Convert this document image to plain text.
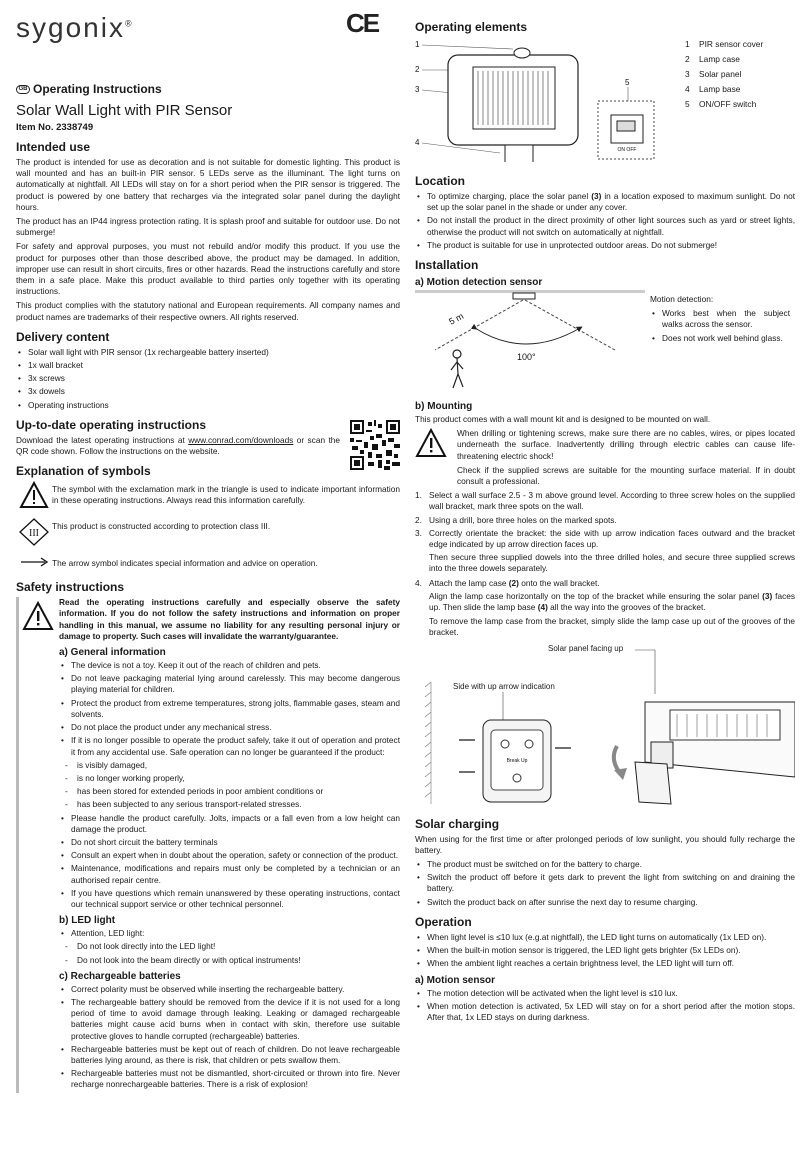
CE
sygonix®
GB Operating Instructions
Solar Wall Light with PIR Sensor
Item No. 2338749
Intended use

The product is intended for use as decoration and is not suitable for domestic lighting. This product is wall mounted and has an built-in PIR sensor. 5 LEDs serve as the illuminant. The light turns on automatically at nightfall. All LEDs will stay on for a short period when the PIR sensor is triggered. The product is powered by one battery that recharges via the integrated solar panel during the daylight hours.

The product has an IP44 ingress protection rating. It is splash proof and suitable for outdoor use. Do not submerge!

For safety and approval purposes, you must not rebuild and/or modify this product. If you use the product for purposes other than those described above, the product may be damaged. In addition, improper use can result in short circuits, fires or other hazards. Read the instructions carefully and store them in a safe place. Make this product available to third parties only together with its operating instructions.

This product complies with the statutory national and European requirements. All company names and product names are trademarks of their respective owners. All rights reserved.

Delivery content
• Solar wall light with PIR sensor (1x rechargeable battery inserted)
• 1x wall bracket
• 3x screws
• 3x dowels
• Operating instructions
Up-to-date operating instructions

Download the latest operating instructions at www.conrad.com/downloads or scan the QR code shown. Follow the instructions on the website.

Explanation of symbols

The symbol with the exclamation mark in the triangle is used to indicate important information in these operating instructions. Always read this information carefully.

III

This product is constructed according to protection class III.

The arrow symbol indicates special information and advice on operation.

Safety instructions

Read the operating instructions carefully and especially observe the safety information. If you do not follow the safety instructions and information on proper handling in this manual, we assume no liability for any resulting personal injury or damage to property. Such cases will invalidate the warranty/guarantee.

a) General information
• The device is not a toy. Keep it out of the reach of children and pets.
• Do not leave packaging material lying around carelessly. This may become dangerous playing material for children.
• Protect the product from extreme temperatures, strong jolts, flammable gases, steam and solvents.
• Do not place the product under any mechanical stress.
• If it is no longer possible to operate the product safely, take it out of operation and protect it from any accidental use. Safe operation can no longer be guaranteed if the product:
- is visibly damaged,
- is no longer working properly,
- has been stored for extended periods in poor ambient conditions or
- has been subjected to any serious transport-related stresses.
• Please handle the product carefully. Jolts, impacts or a fall even from a low height can damage the product.
• Do not short circuit the battery terminals
• Consult an expert when in doubt about the operation, safety or connection of the product.
• Maintenance, modifications and repairs must only be completed by a technician or an authorised repair centre.
• If you have questions which remain unanswered by these operating instructions, contact our technical support service or other technical personnel.
b) LED light
• Attention, LED light:
- Do not look directly into the LED light!
- Do not look into the beam directly or with optical instruments!
c) Rechargeable batteries
• Correct polarity must be observed while inserting the rechargeable battery.
• The rechargeable battery should be removed from the device if it is not used for a long period of time to avoid damage through leaking. Leaking or damaged rechargeable batteries might cause acid burns when in contact with skin, therefore use suitable protective gloves to handle corrupted (rechargeable) batteries.
• Rechargeable batteries must be kept out of reach of children. Do not leave rechargeable batteries lying around, as there is risk, that children or pets swallow them.
• Rechargeable batteries must not be dismantled, short-circuited or thrown into fire. Never recharge nonrechargeable batteries. There is a risk of explosion!
Operating elements
1
2
3
4
5
ON OFF
1 PIR sensor cover
2 Lamp case
3 Solar panel
4 Lamp base
5 ON/OFF switch
Location
• To optimize charging, place the solar panel (3) in a location exposed to maximum sunlight. Do not set up the solar panel in the shade or under any cover.
• Do not install the product in the direct proximity of other light sources such as yard or street lights, otherwise the product will not switch on automatically at nightfall.
• The product is suitable for use in unprotected outdoor areas. Do not submerge!
Installation
a) Motion detection sensor
5 m
100°

Motion detection:

• Works best when the subject walks across the sensor.
• Does not work well behind glass.
b) Mounting

This product comes with a wall mount kit and is designed to be mounted on wall.

When drilling or tightening screws, make sure there are no cables, wires, or pipes located underneath the surface. Inadvertently drilling through electric cables can cause life-threatening electric shock!

Check if the supplied screws are suitable for the mounting surface material. If in doubt consult a professional.

1. Select a wall surface 2.5 - 3 m above ground level. According to three screw holes on the supplied wall bracket, mark three spots on the wall.
2. Using a drill, bore three holes on the marked spots.
3. Correctly orientate the bracket: the side with up arrow indication faces outward and the bracket edge indicated by up arrow direction faces up.

Then secure three supplied dowels into the three drilled holes, and secure three supplied screws into the three dowels separately.

4. Attach the lamp case (2) onto the wall bracket.

Align the lamp case horizontally on the top of the bracket while ensuring the solar panel (3) faces up. Then slide the lamp base (4) all the way into the grooves of the bracket.

To remove the lamp case from the bracket, simply slide the lamp case up out of the grooves of the bracket.

Solar panel facing up
Side with up arrow indication
Break Up
Solar charging

When using for the first time or after prolonged periods of low sunlight, you should fully recharge the battery.

• The product must be switched on for the battery to charge.
• Switch the product off before it gets dark to prevent the light from switching on and draining the battery.
• Switch the product back on after sunrise the next day to resume charging.
Operation
• When light level is ≤10 lux (e.g.at nightfall), the LED light turns on automatically (1x LED on).
• When the built-in motion sensor is triggered, the LED light gets brighter (5x LEDs on).
• When the ambient light reaches a certain brightness level, the LED light will turn off.
a) Motion sensor
• The motion detection will be activated when the light level is ≤10 lux.
• When motion detection is activated, 5x LED will stay on for a short period after the motion stops. After that, 1x LED stays on during darkness.
